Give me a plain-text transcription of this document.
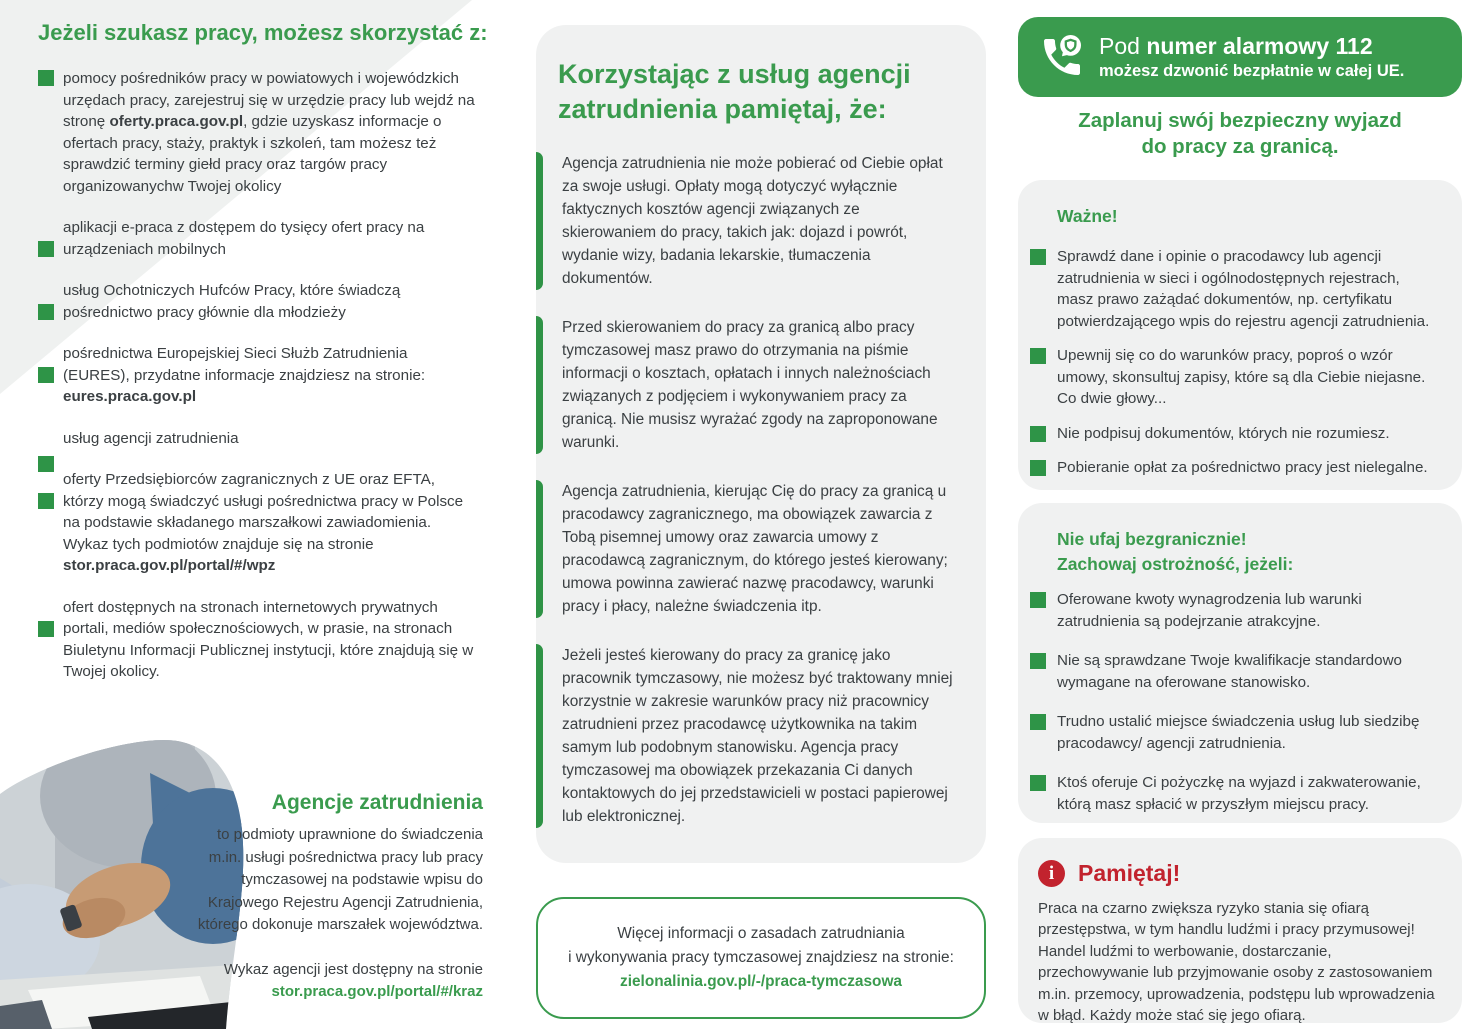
Jeżeli szukasz pracy, możesz skorzystać z:
pomocy pośredników pracy w powiatowych i wojewódzkich urzędach pracy, zarejestruj się w urzędzie pracy lub wejdź na stronę oferty.praca.gov.pl, gdzie uzyskasz informacje o ofertach pracy, staży, praktyk i szkoleń, tam możesz też sprawdzić terminy giełd pracy oraz targów pracy organizowanychw Twojej okolicy
aplikacji e-praca z dostępem do tysięcy ofert pracy na urządzeniach mobilnych
usług Ochotniczych Hufców Pracy, które świadczą pośrednictwo pracy głównie dla młodzieży
pośrednictwa Europejskiej Sieci Służb Zatrudnienia (EURES), przydatne informacje znajdziesz na stronie: eures.praca.gov.pl
usług agencji zatrudnienia
oferty Przedsiębiorców zagranicznych z UE oraz EFTA, którzy mogą świadczyć usługi pośrednictwa pracy w Polsce na podstawie składanego marszałkowi zawiadomienia. Wykaz tych podmiotów znajduje się na stronie stor.praca.gov.pl/portal/#/wpz
ofert dostępnych na stronach internetowych prywatnych portali, mediów społecznościowych, w prasie, na stronach Biuletynu Informacji Publicznej instytucji, które znajdują się w Twojej okolicy.
Agencje zatrudnienia

to podmioty uprawnione do świadczenia m.in. usługi pośrednictwa pracy lub pracy tymczasowej na podstawie wpisu do Krajowego Rejestru Agencji Zatrudnienia, którego dokonuje marszałek województwa.

Wykaz agencji jest dostępny na stronie
stor.praca.gov.pl/portal/#/kraz

Korzystając z usług agencji zatrudnienia pamiętaj, że:
Agencja zatrudnienia nie może pobierać od Ciebie opłat za swoje usługi. Opłaty mogą dotyczyć wyłącznie faktycznych kosztów agencji związanych ze skierowaniem do pracy, takich jak: dojazd i powrót, wydanie wizy, badania lekarskie, tłumaczenia dokumentów.
Przed skierowaniem do pracy za granicą albo pracy tymczasowej masz prawo do otrzymania na piśmie informacji o kosztach, opłatach i innych należnościach związanych z podjęciem i wykonywaniem pracy za granicą. Nie musisz wyrażać zgody na zaproponowane warunki.
Agencja zatrudnienia, kierując Cię do pracy za granicą u pracodawcy zagranicznego, ma obowiązek zawarcia z Tobą pisemnej umowy oraz zawarcia umowy z pracodawcą zagranicznym, do którego jesteś kierowany; umowa powinna zawierać nazwę pracodawcy, warunki pracy i płacy, należne świadczenia itp.
Jeżeli jesteś kierowany do pracy za granicę jako pracownik tymczasowy, nie możesz być traktowany mniej korzystnie w zakresie warunków pracy niż pracownicy zatrudnieni przez pracodawcę użytkownika na takim samym lub podobnym stanowisku. Agencja pracy tymczasowej ma obowiązek przekazania Ci danych kontaktowych do jej przedstawicieli w postaci papierowej lub elektronicznej.

Więcej informacji o zasadach zatrudniania

i wykonywania pracy tymczasowej znajdziesz na stronie:

zielonalinia.gov.pl/-/praca-tymczasowa

Pod numer alarmowy 112
możesz dzwonić bezpłatnie w całej UE.
Zaplanuj swój bezpieczny wyjazd
do pracy za granicą.
Ważne!
Sprawdź dane i opinie o pracodawcy lub agencji zatrudnienia w sieci i ogólnodostępnych rejestrach, masz prawo zażądać dokumentów, np. certyfikatu potwierdzającego wpis do rejestru agencji zatrudnienia.
Upewnij się co do warunków pracy, poproś o wzór umowy, skonsultuj zapisy, które są dla Ciebie niejasne. Co dwie głowy...
Nie podpisuj dokumentów, których nie rozumiesz.
Pobieranie opłat za pośrednictwo pracy jest nielegalne.
Nie ufaj bezgranicznie!
Zachowaj ostrożność, jeżeli:
Oferowane kwoty wynagrodzenia lub warunki zatrudnienia są podejrzanie atrakcyjne.
Nie są sprawdzane Twoje kwalifikacje standardowo wymagane na oferowane stanowisko.
Trudno ustalić miejsce świadczenia usług lub siedzibę pracodawcy/ agencji zatrudnienia.
Ktoś oferuje Ci pożyczkę na wyjazd i zakwaterowanie, którą masz spłacić w przyszłym miejscu pracy.
i	Pamiętaj!

Praca na czarno zwiększa ryzyko stania się ofiarą przestępstwa, w tym handlu ludźmi i pracy przymusowej! Handel ludźmi to werbowanie, dostarczanie, przechowywanie lub przyjmowanie osoby z zastosowaniem m.in. przemocy, uprowadzenia, podstępu lub wprowadzenia w błąd. Każdy może stać się jego ofiarą.
